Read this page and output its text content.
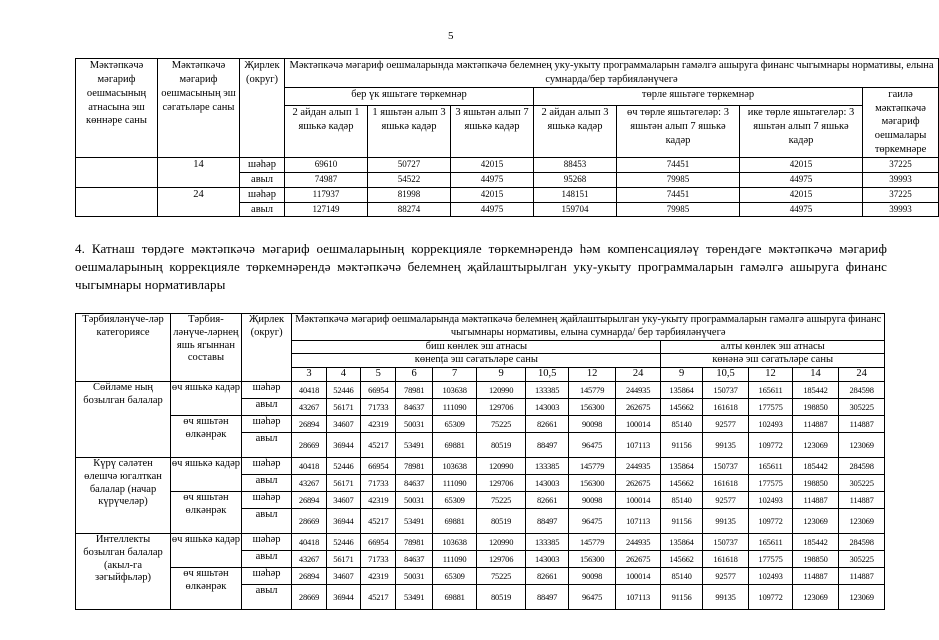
5
Мәктәпкәчә мәгариф оешмасының атнасына эш көннәре саны	Мәктәпкәчә мәгариф оешмасының эш сәгатьләре саны	Җирлек (округ)	Мәктәпкәчә мәгариф оешмаларында мәктәпкәчә белемнең уку-укыту программаларын гамәлгә ашыруга финанс чыгымнары нормативы, елына сумнарда/бер тәрбияләнүчегә						
			бер үк яшьтәге төркемнәр			төрле яшьтәге төркемнәр			гаилә мәктәпкәчә мәгариф оешмалары төркемнәре
			2 айдан алып 1 яшькә кадәр	1 яшьтән алып 3 яшькә кадәр	3 яшьтән алып 7 яшькә кадәр	2 айдан алып 3 яшькә кадәр	өч төрле яшьтәгеләр: 3 яшьтән алып 7 яшькә кадәр	ике төрле яшьтәгеләр: 3 яшьтән алып 7 яшькә кадәр	
	14	шәһәр	69610	50727	42015	88453	74451	42015	37225
		авыл	74987	54522	44975	95268	79985	44975	39993
	24	шәһәр	117937	81998	42015	148151	74451	42015	37225
		авыл	127149	88274	44975	159704	79985	44975	39993
4. Катнаш төрдәге мәктәпкәчә мәгариф оешмаларының коррекцияле төркемнәрендә һәм компенсацияләү төрендәге мәктәпкәчә мәгариф оешмаларының коррекцияле төркемнәрендә мәктәпкәчә белемнең җайлаштырылган уку-укыту программаларын гамәлгә ашыруга финанс чыгымнары нормативлары
Тәрбияләнүче-ләр категориясе	Тәрбия-ләнүче-ләрнең яшь ягыннан составы	Җирлек (округ)	Мәктәпкәчә мәгариф оешмаларында мәктәпкәчә белемнең җайлаштырылган уку-укыту программаларын гамәлгә ашыруга финанс чыгымнары нормативы, елына сумнарда/ бер тәрбияләнүчегә													
			биш көнлек эш атнасы									алты көнлек эш атнасы				
			көнența эш сәгатьләре саны									көнәнә эш сәгатьләре саны				
			3	4	5	6	7	9	10,5	12	24	9	10,5	12	14	24
Сөйләме ның бозылган балалар	өч яшькә кадәр	шәһәр	40418	52446	66954	78981	103638	120990	133385	145779	244935	135864	150737	165611	185442	284598
		авыл	43267	56171	71733	84637	111090	129706	143003	156300	262675	145662	161618	177575	198850	305225
	өч яшьтән өлкәнрәк	шәһәр	26894	34607	42319	50031	65309	75225	82661	90098	100014	85140	92577	102493	114887	114887
		авыл	28669	36944	45217	53491	69881	80519	88497	96475	107113	91156	99135	109772	123069	123069
Күрү сәләтен өлешчә югалткан балалар (начар күрүчеләр)	өч яшькә кадәр	шәһәр	40418	52446	66954	78981	103638	120990	133385	145779	244935	135864	150737	165611	185442	284598
		авыл	43267	56171	71733	84637	111090	129706	143003	156300	262675	145662	161618	177575	198850	305225
	өч яшьтән өлкәнрәк	шәһәр	26894	34607	42319	50031	65309	75225	82661	90098	100014	85140	92577	102493	114887	114887
		авыл	28669	36944	45217	53491	69881	80519	88497	96475	107113	91156	99135	109772	123069	123069
Интеллекты бозылган балалар (акыл-га зәгыйфьләр)	өч яшькә кадәр	шәһәр	40418	52446	66954	78981	103638	120990	133385	145779	244935	135864	150737	165611	185442	284598
		авыл	43267	56171	71733	84637	111090	129706	143003	156300	262675	145662	161618	177575	198850	305225
	өч яшьтән өлкәнрәк	шәһәр	26894	34607	42319	50031	65309	75225	82661	90098	100014	85140	92577	102493	114887	114887
		авыл	28669	36944	45217	53491	69881	80519	88497	96475	107113	91156	99135	109772	123069	123069
